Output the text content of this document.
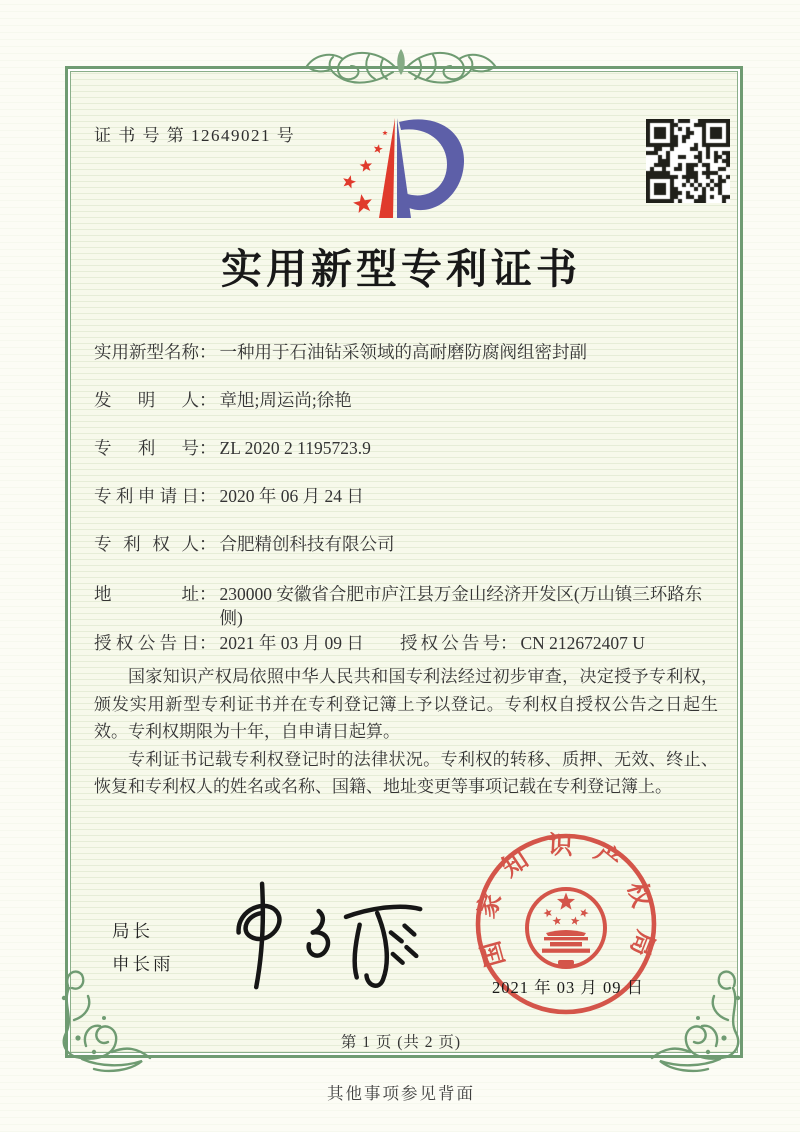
证 书 号 第 12649021 号
实用新型专利证书
实用新型名称： 一种用于石油钻采领域的高耐磨防腐阀组密封副
发明人： 章旭;周运尚;徐艳
专利号： ZL 2020 2 1195723.9
专利申请日： 2020 年 06 月 24 日
专利权人： 合肥精创科技有限公司
地址： 230000 安徽省合肥市庐江县万金山经济开发区(万山镇三环路东侧)
授权公告日： 2021 年 03 月 09 日 授权公告号： CN 212672407 U

国家知识产权局依照中华人民共和国专利法经过初步审查，决定授予专利权，颁发实用新型专利证书并在专利登记簿上予以登记。专利权自授权公告之日起生效。专利权期限为十年，自申请日起算。

专利证书记载专利权登记时的法律状况。专利权的转移、质押、无效、终止、恢复和专利权人的姓名或名称、国籍、地址变更等事项记载在专利登记簿上。

局长
申长雨	国家知识产权局
2021 年 03 月 09 日
第 1 页 (共 2 页)
其他事项参见背面
